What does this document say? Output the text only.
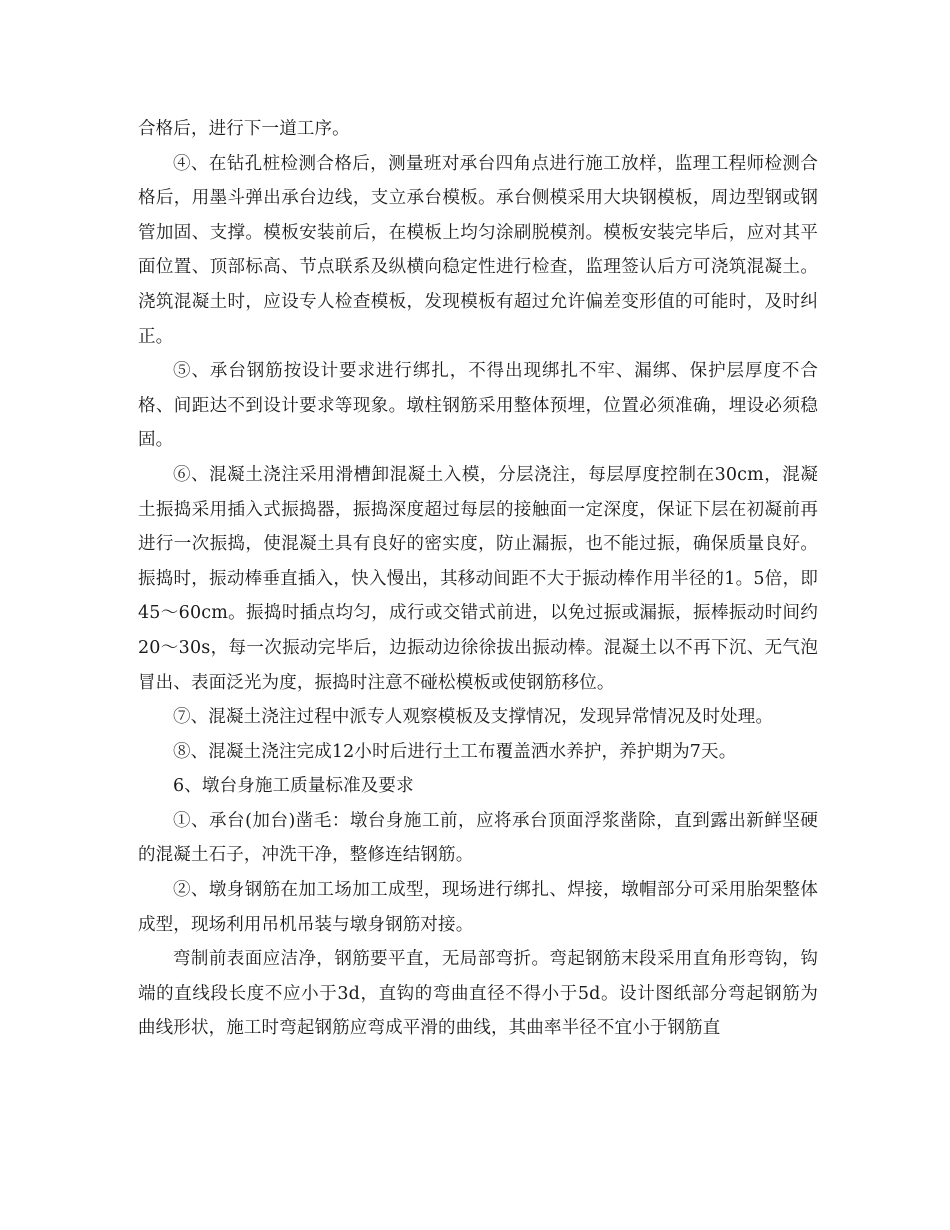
合格后，进行下一道工序。

④、在钻孔桩检测合格后，测量班对承台四角点进行施工放样，监理工程师检测合格后，用墨斗弹出承台边线，支立承台模板。承台侧模采用大块钢模板，周边型钢或钢管加固、支撑。模板安装前后，在模板上均匀涂刷脱模剂。模板安装完毕后，应对其平面位置、顶部标高、节点联系及纵横向稳定性进行检查，监理签认后方可浇筑混凝土。浇筑混凝土时，应设专人检查模板，发现模板有超过允许偏差变形值的可能时，及时纠正。

⑤、承台钢筋按设计要求进行绑扎，不得出现绑扎不牢、漏绑、保护层厚度不合格、间距达不到设计要求等现象。墩柱钢筋采用整体预埋，位置必须准确，埋设必须稳固。

⑥、混凝土浇注采用滑槽卸混凝土入模，分层浇注，每层厚度控制在30cm，混凝土振捣采用插入式振捣器，振捣深度超过每层的接触面一定深度，保证下层在初凝前再进行一次振捣，使混凝土具有良好的密实度，防止漏振，也不能过振，确保质量良好。振捣时，振动棒垂直插入，快入慢出，其移动间距不大于振动棒作用半径的1。5倍，即45～60cm。振捣时插点均匀，成行或交错式前进，以免过振或漏振，振棒振动时间约20～30s，每一次振动完毕后，边振动边徐徐拔出振动棒。混凝土以不再下沉、无气泡冒出、表面泛光为度，振捣时注意不碰松模板或使钢筋移位。

⑦、混凝土浇注过程中派专人观察模板及支撑情况，发现异常情况及时处理。

⑧、混凝土浇注完成12小时后进行土工布覆盖洒水养护，养护期为7天。

6、墩台身施工质量标准及要求

①、承台(加台)凿毛：墩台身施工前，应将承台顶面浮浆凿除，直到露出新鲜坚硬的混凝土石子，冲洗干净，整修连结钢筋。

②、墩身钢筋在加工场加工成型，现场进行绑扎、焊接，墩帽部分可采用胎架整体成型，现场利用吊机吊装与墩身钢筋对接。

弯制前表面应洁净，钢筋要平直，无局部弯折。弯起钢筋末段采用直角形弯钩，钩端的直线段长度不应小于3d，直钩的弯曲直径不得小于5d。设计图纸部分弯起钢筋为曲线形状，施工时弯起钢筋应弯成平滑的曲线，其曲率半径不宜小于钢筋直
